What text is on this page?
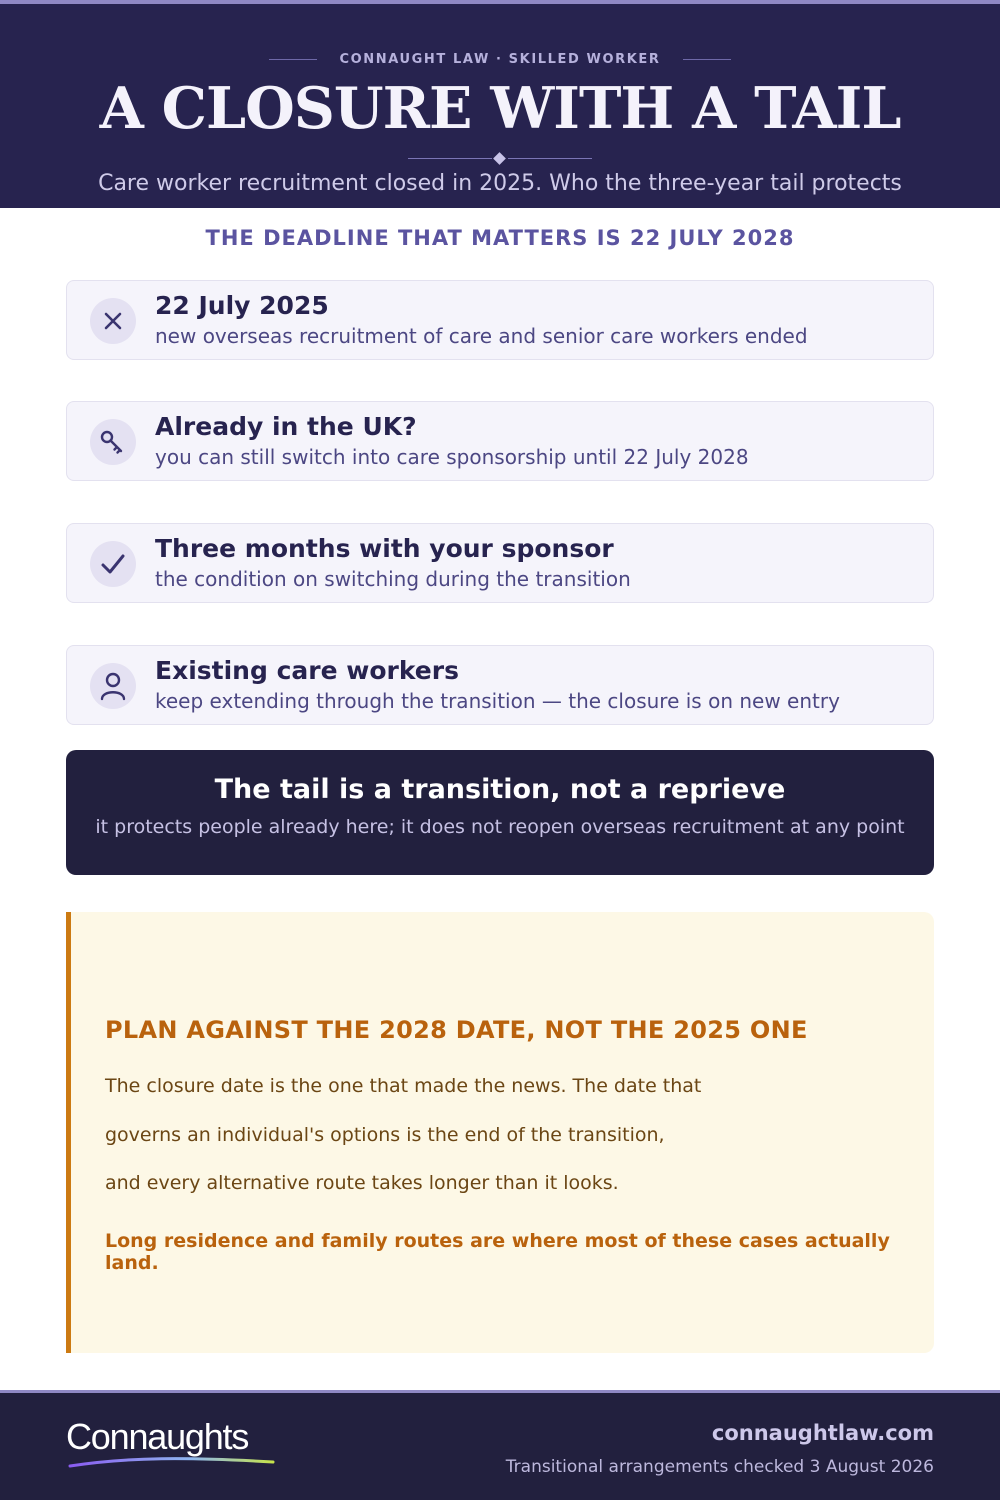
CONNAUGHT LAW · SKILLED WORKER
A CLOSURE WITH A TAIL

Care worker recruitment closed in 2025. Who the three-year tail protects

THE DEADLINE THAT MATTERS IS 22 JULY 2028
22 July 2025
new overseas recruitment of care and senior care workers ended
Already in the UK?
you can still switch into care sponsorship until 22 July 2028
Three months with your sponsor
the condition on switching during the transition
Existing care workers
keep extending through the transition — the closure is on new entry
The tail is a transition, not a reprieve
it protects people already here; it does not reopen overseas recruitment at any point
PLAN AGAINST THE 2028 DATE, NOT THE 2025 ONE
The closure date is the one that made the news. The date that
governs an individual's options is the end of the transition,
and every alternative route takes longer than it looks.
Long residence and family routes are where most of these cases actually land.
Connaughts	connaughtlaw.com
Transitional arrangements checked 3 August 2026
